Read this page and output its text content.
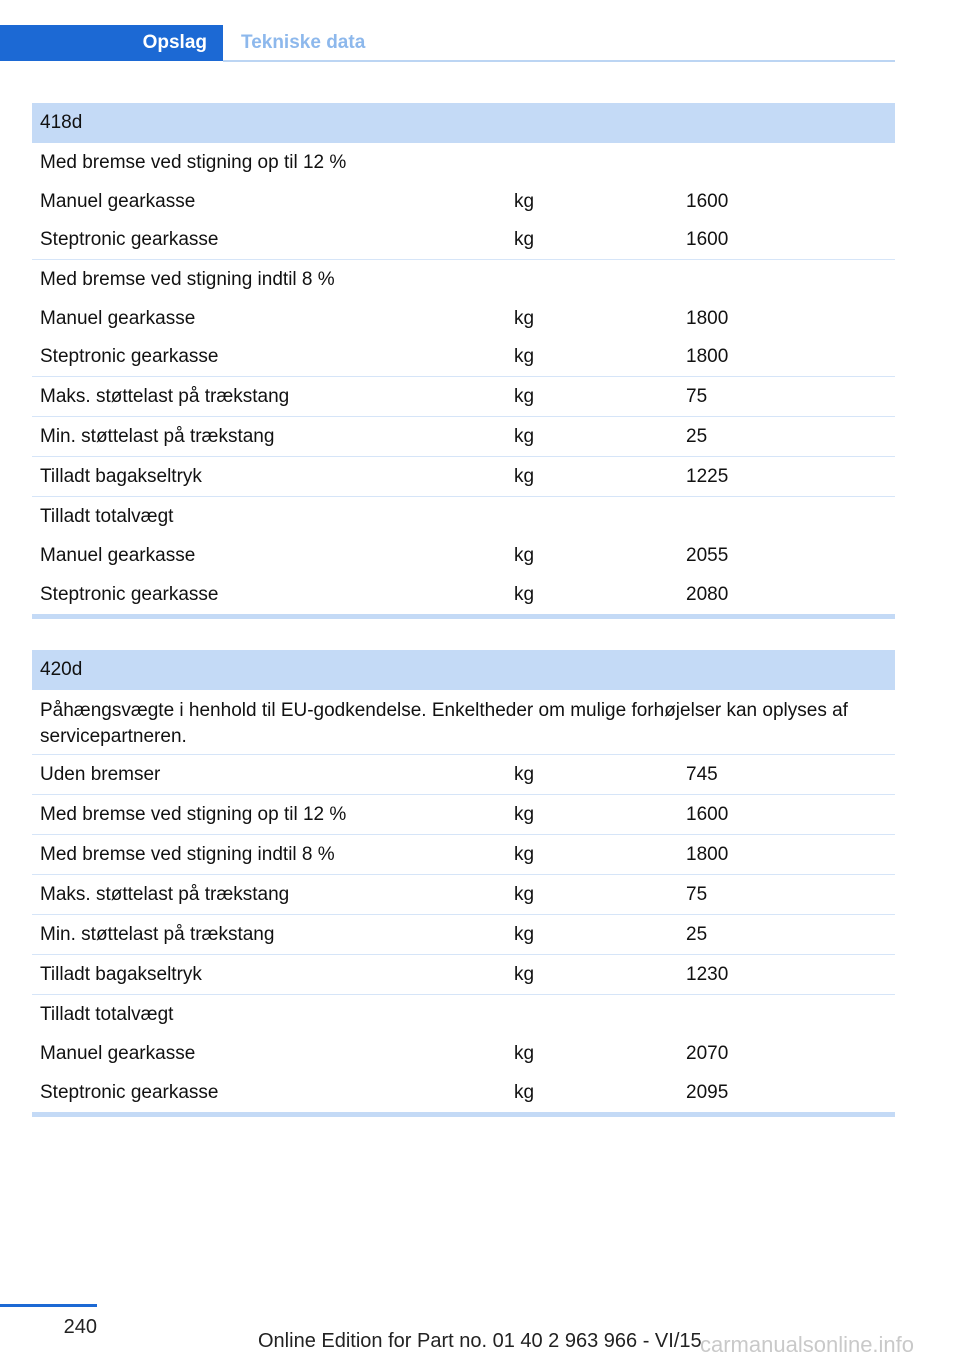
Opslag Tekniske data
418d
Med bremse ved stigning op til 12 %
Manuel gearkasse	kg	1600
Steptronic gearkasse	kg	1600
Med bremse ved stigning indtil 8 %
Manuel gearkasse	kg	1800
Steptronic gearkasse	kg	1800
Maks. støttelast på trækstang	kg	75
Min. støttelast på trækstang	kg	25
Tilladt bagakseltryk	kg	1225
Tilladt totalvægt
Manuel gearkasse	kg	2055
Steptronic gearkasse	kg	2080
420d
Påhængsvægte i henhold til EU-godkendelse. Enkeltheder om mulige forhøjelser kan oplyses af servicepartneren.
Uden bremser	kg	745
Med bremse ved stigning op til 12 %	kg	1600
Med bremse ved stigning indtil 8 %	kg	1800
Maks. støttelast på trækstang	kg	75
Min. støttelast på trækstang	kg	25
Tilladt bagakseltryk	kg	1230
Tilladt totalvægt
Manuel gearkasse	kg	2070
Steptronic gearkasse	kg	2095
240
Online Edition for Part no. 01 40 2 963 966 - VI/15
carmanualsonline.info
